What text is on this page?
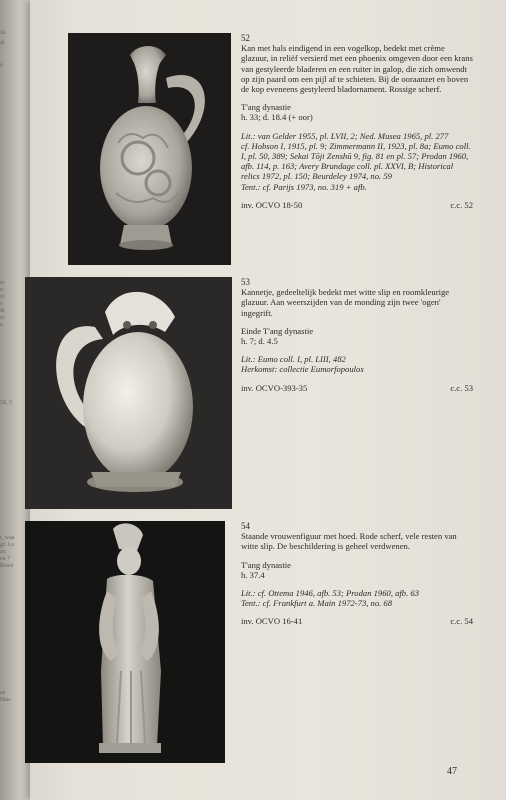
ok
al
a
re
ri
zi
o
di
zi
a
58, 5
t, waa
gt: Lo
ze.
en 7
Rossi
ae
Mus

52

Kan met hals eindigend in een vogelkop, bedekt met crème glazuur, in reliëf versierd met een phoenix omgeven door een krans van gestyleerde bladeren en een ruiter in galop, die zich omwendt op zijn paard om een pijl af te schieten. Bij de oorаanzet en boven de kop eveneens gestyleerd bladornament. Rossige scherf.

T'ang dynastie

h. 33; d. 18.4 (+ oor)

Lit.: van Gelder 1955, pl. LVII, 2; Ned. Musea 1965, pl. 277

cf. Hobson I, 1915, pl. 9; Zimmermann II, 1923, pl. 8a; Eumo coll. I, pl. 50, 389; Sekai Tōji Zenshū 9, fig. 81 en pl. 57; Prodan 1960, afb. 114, p. 163; Avery Brundage coll. pl. XXVI, B; Historical relics 1972, pl. 150; Beurdeley 1974, no. 59

Tent.: cf. Parijs 1973, no. 319 + afb.

inv. OCVO 18-50	c.c. 52

53

Kannetje, gedeeltelijk bedekt met witte slip en roomkleurige glazuur. Aan weerszijden van de monding zijn twee 'ogen' ingegrift.

Einde T'ang dynastie

h. 7; d. 4.5

Lit.: Eumo coll. I, pl. LIII, 482

Herkomst: collectie Eumorfopoulos

inv. OCVO-393-35	c.c. 53

54

Staande vrouwenfiguur met hoed. Rode scherf, vele resten van witte slip. De beschildering is geheel verdwenen.

T'ang dynastie

h. 37.4

Lit.: cf. Ottema 1946, afb. 53; Prodan 1960, afb. 63

Tent.: cf. Frankfurt a. Main 1972-73, no. 68

inv. OCVO 16-41	c.c. 54
47
